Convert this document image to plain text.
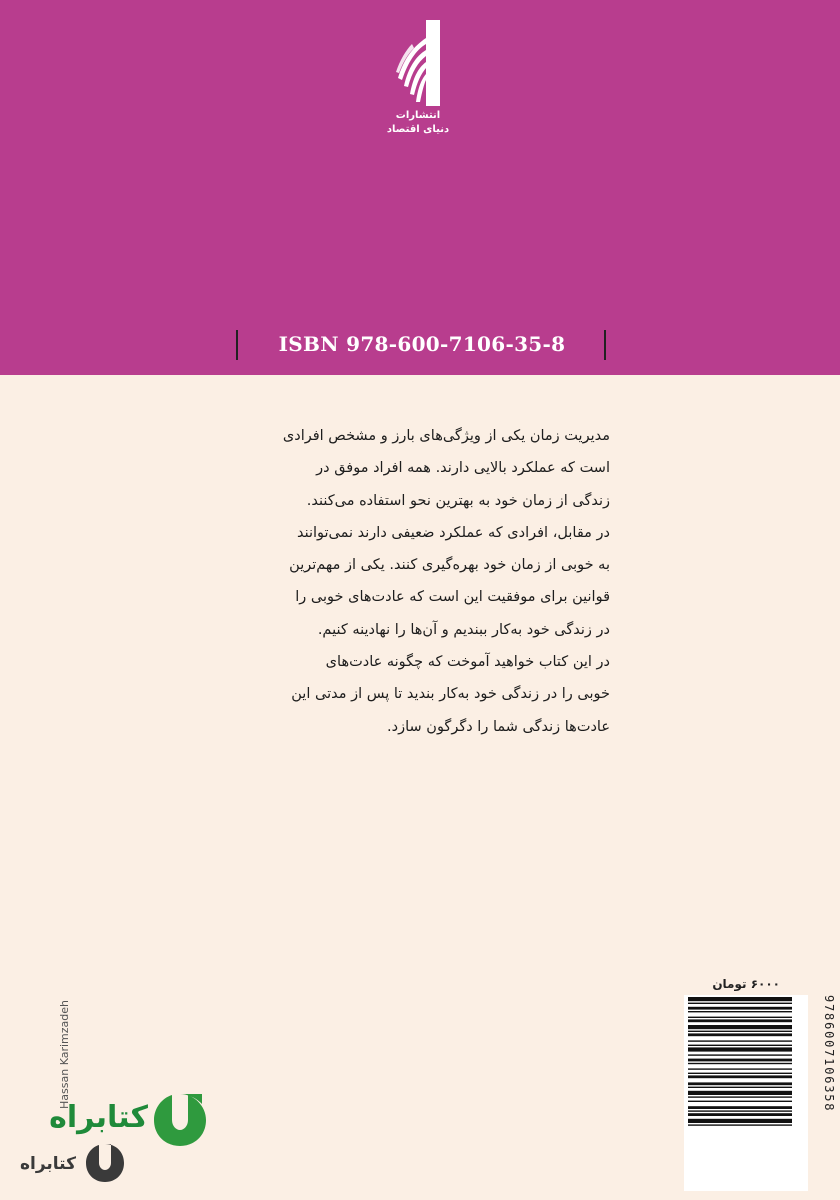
انتشارات
دنیای اقتصاد
ISBN 978-600-7106-35-8
مدیریت زمان یکی از ویژگی‌های بارز و مشخص افرادی
است که عملکرد بالایی دارند. همه افراد موفق در
زندگی از زمان خود به بهترین نحو استفاده می‌کنند.
در مقابل، افرادی که عملکرد ضعیفی دارند نمی‌توانند
به خوبی از زمان خود بهره‌گیری کنند. یکی از مهم‌ترین
قوانین برای موفقیت این است که عادت‌های خوبی را
در زندگی خود به‌کار ببندیم و آن‌ها را نهادینه کنیم.
در این کتاب خواهید آموخت که چگونه عادت‌های
خوبی را در زندگی خود به‌کار بندید تا پس از مدتی این
عادت‌ها زندگی شما را دگرگون سازد.
۶۰۰۰ تومان
9786007106358
Hassan Karimzadeh
کتابراه
کتابراه
